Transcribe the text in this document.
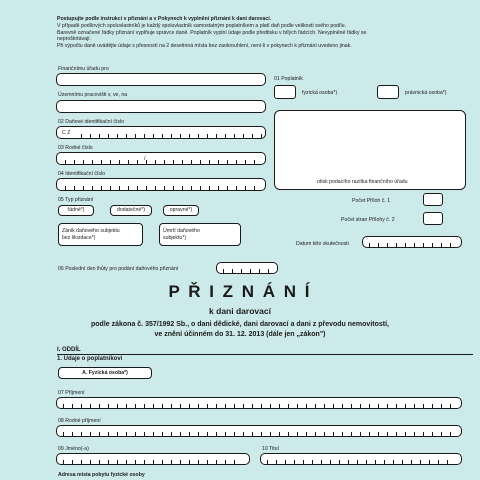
Postupujte podle instrukcí v přiznání a v Pokynech k vyplnění přiznání k dani darovací.
V případě podílových spoluvlastníků je každý spoluvlastník samostatným poplatníkem a platí daň podle velikosti svého podílu.
Barevně označené řádky přiznání vyplňuje správce daně. Poplatník vyplní údaje podle předtisku v bílých řádcích. Nevyplněné řádky se
neproškrtávají.
Při výpočtu daně uvádějte údaje s přesností na 2 desetinná místa bez zaokrouhlení, není-li v pokynech k přiznání uvedeno jinak.
Finančnímu úřadu pro
Územnímu pracovišti v, ve, na
02 Daňové identifikační číslo
C Z
03 Rodné číslo
/
04 Identifikační číslo
05 Typ přiznání
řádné*)	dodatečné*)	opravné*)
Zánik daňového subjektu
bez likvidace*)
Úmrtí daňového
subjektu*)
06 Poslední den lhůty pro podání daňového přiznání
01 Poplatník
fyzická osoba*)	právnická osoba*)
otisk podacího razítka finančního úřadu
Počet Příloh č. 1
Počet stran Přílohy č. 2
Datum této skutečnosti
P Ř I Z N Á N Í
k dani darovací
podle zákona č. 357/1992 Sb., o dani dědické, dani darovací a dani z převodu nemovitostí,
ve znění účinném do 31. 12. 2013 (dále jen „zákon")
I. ODDÍL
1. Údaje o poplatníkovi
A. Fyzická osoba*)
07 Příjmení
08 Rodné příjmení
09 Jméno(-a)	10 Titul
Adresa místa pobytu fyzické osoby
